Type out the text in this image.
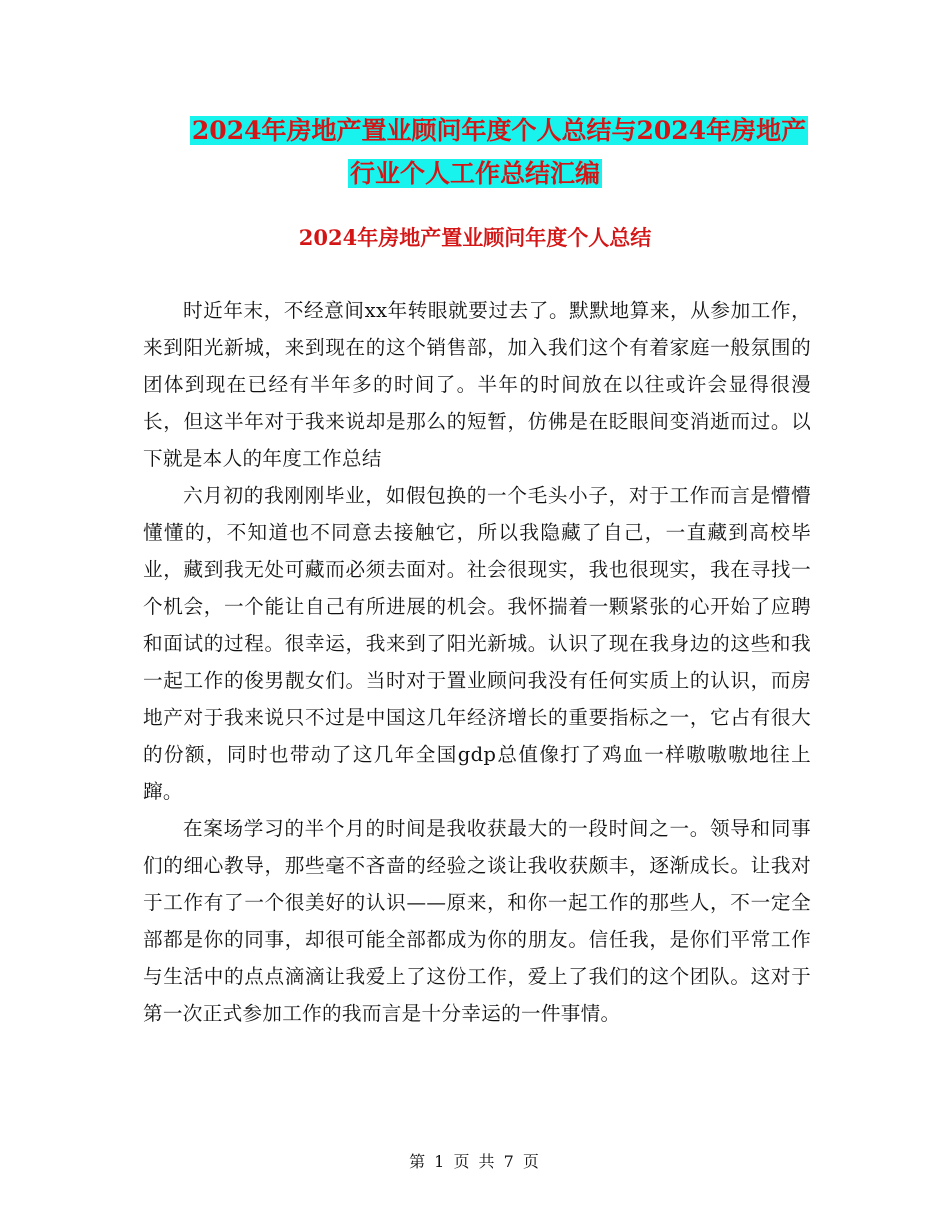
2024年房地产置业顾问年度个人总结与2024年房地产
行业个人工作总结汇编
2024年房地产置业顾问年度个人总结

时近年末，不经意间xx年转眼就要过去了。默默地算来，从参加工作，来到阳光新城，来到现在的这个销售部，加入我们这个有着家庭一般氛围的团体到现在已经有半年多的时间了。半年的时间放在以往或许会显得很漫长，但这半年对于我来说却是那么的短暂，仿佛是在眨眼间变消逝而过。以下就是本人的年度工作总结

六月初的我刚刚毕业，如假包换的一个毛头小子，对于工作而言是懵懵懂懂的，不知道也不同意去接触它，所以我隐藏了自己，一直藏到高校毕业，藏到我无处可藏而必须去面对。社会很现实，我也很现实，我在寻找一个机会，一个能让自己有所进展的机会。我怀揣着一颗紧张的心开始了应聘和面试的过程。很幸运，我来到了阳光新城。认识了现在我身边的这些和我一起工作的俊男靓女们。当时对于置业顾问我没有任何实质上的认识，而房地产对于我来说只不过是中国这几年经济增长的重要指标之一，它占有很大的份额，同时也带动了这几年全国gdp总值像打了鸡血一样嗷嗷嗷地往上蹿。

在案场学习的半个月的时间是我收获最大的一段时间之一。领导和同事们的细心教导，那些毫不吝啬的经验之谈让我收获颇丰，逐渐成长。让我对于工作有了一个很美好的认识——原来，和你一起工作的那些人，不一定全部都是你的同事，却很可能全部都成为你的朋友。信任我，是你们平常工作与生活中的点点滴滴让我爱上了这份工作，爱上了我们的这个团队。这对于第一次正式参加工作的我而言是十分幸运的一件事情。

第 1 页 共 7 页
